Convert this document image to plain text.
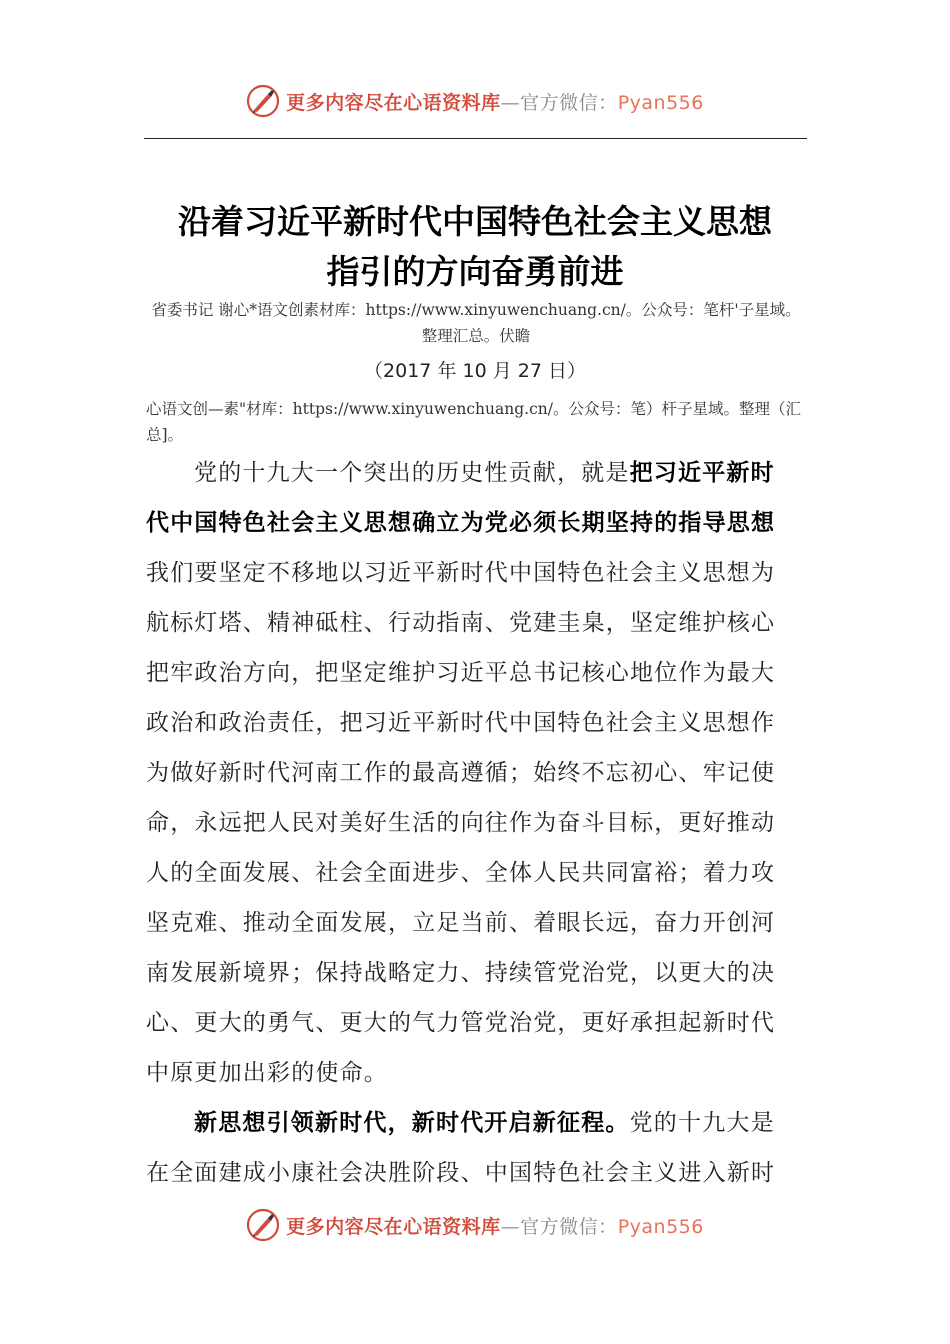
更多内容尽在心语资料库—官方微信：Pyan556
沿着习近平新时代中国特色社会主义思想
指引的方向奋勇前进
省委书记 谢心*语文创素材库：https://www.xinyuwenchuang.cn/。公众号：笔杆'子星域。整理汇总。伏瞻
（2017 年 10 月 27 日）
心语文创—素"材库：https://www.xinyuwenchuang.cn/。公众号：笔）杆子星域。整理（汇总]。
党的十九大一个突出的历史性贡献，就是把习近平新时
代中国特色社会主义思想确立为党必须长期坚持的指导思想
我们要坚定不移地以习近平新时代中国特色社会主义思想为
航标灯塔、精神砥柱、行动指南、党建圭臬，坚定维护核心
把牢政治方向，把坚定维护习近平总书记核心地位作为最大
政治和政治责任，把习近平新时代中国特色社会主义思想作
为做好新时代河南工作的最高遵循；始终不忘初心、牢记使
命，永远把人民对美好生活的向往作为奋斗目标，更好推动
人的全面发展、社会全面进步、全体人民共同富裕；着力攻
坚克难、推动全面发展，立足当前、着眼长远，奋力开创河
南发展新境界；保持战略定力、持续管党治党，以更大的决
心、更大的勇气、更大的气力管党治党，更好承担起新时代
中原更加出彩的使命。
新思想引领新时代，新时代开启新征程。党的十九大是
在全面建成小康社会决胜阶段、中国特色社会主义进入新时
更多内容尽在心语资料库—官方微信：Pyan556
